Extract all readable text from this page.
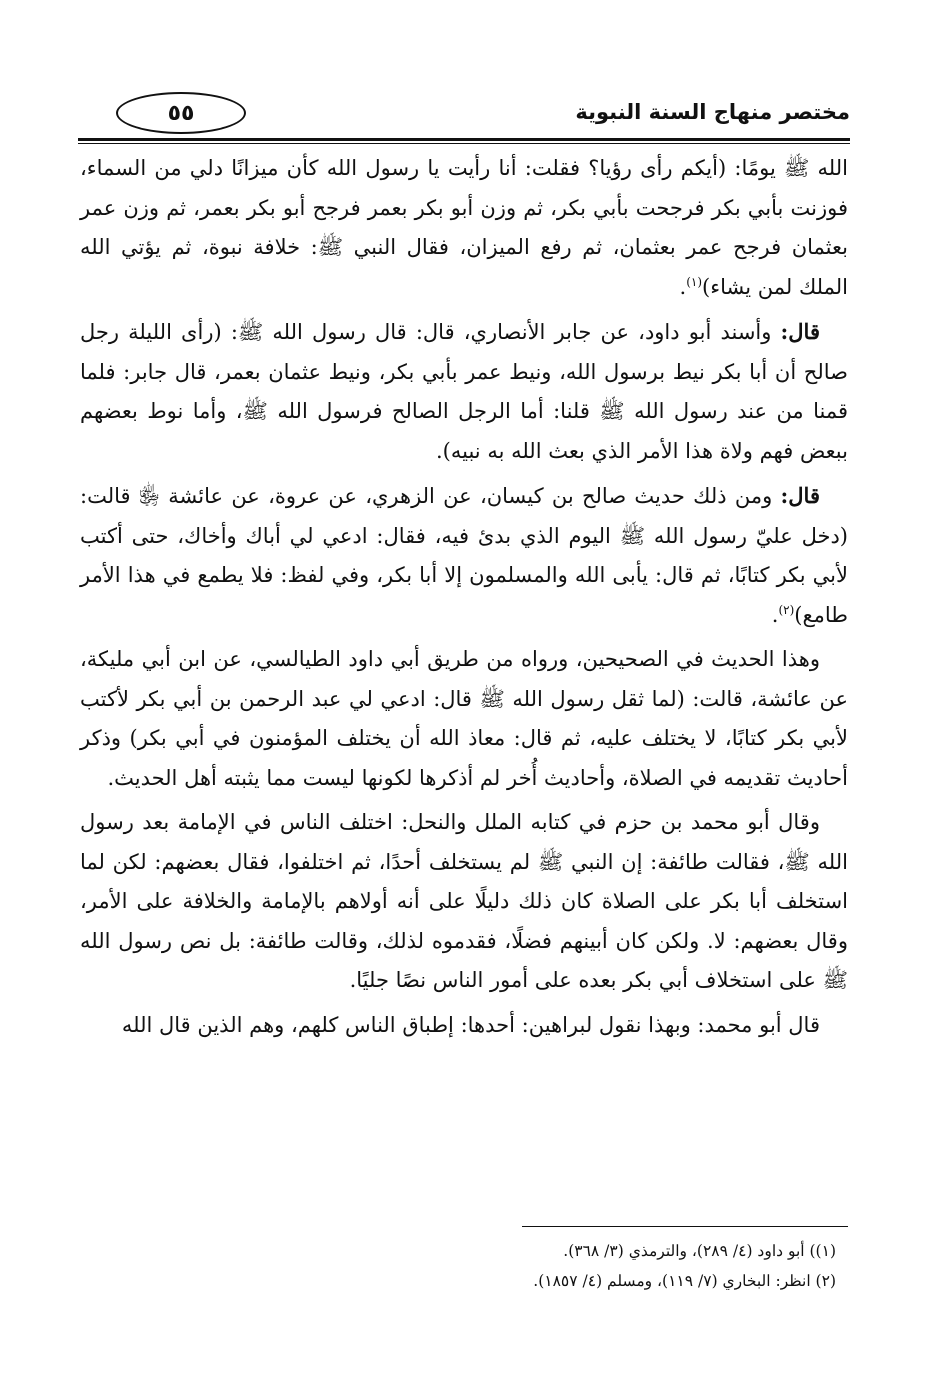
٥٥	مختصر منهاج السنة النبوية

الله ﷺ يومًا: (أيكم رأى رؤيا؟ فقلت: أنا رأيت يا رسول الله كأن ميزانًا دلي من السماء، فوزنت بأبي بكر فرجحت بأبي بكر، ثم وزن أبو بكر بعمر فرجح أبو بكر بعمر، ثم وزن عمر بعثمان فرجح عمر بعثمان، ثم رفع الميزان، فقال النبي ﷺ: خلافة نبوة، ثم يؤتي الله الملك لمن يشاء)$^{(١)}$.

قال: وأسند أبو داود، عن جابر الأنصاري، قال: قال رسول الله ﷺ: (رأى الليلة رجل صالح أن أبا بكر نيط برسول الله، ونيط عمر بأبي بكر، ونيط عثمان بعمر، قال جابر: فلما قمنا من عند رسول الله ﷺ قلنا: أما الرجل الصالح فرسول الله ﷺ، وأما نوط بعضهم ببعض فهم ولاة هذا الأمر الذي بعث الله به نبيه).

قال: ومن ذلك حديث صالح بن كيسان، عن الزهري، عن عروة، عن عائشة ﵂ قالت: (دخل عليّ رسول الله ﷺ اليوم الذي بدئ فيه، فقال: ادعي لي أباك وأخاك، حتى أكتب لأبي بكر كتابًا، ثم قال: يأبى الله والمسلمون إلا أبا بكر، وفي لفظ: فلا يطمع في هذا الأمر طامع)$^{(٢)}$.

وهذا الحديث في الصحيحين، ورواه من طريق أبي داود الطيالسي، عن ابن أبي مليكة، عن عائشة، قالت: (لما ثقل رسول الله ﷺ قال: ادعي لي عبد الرحمن بن أبي بكر لأكتب لأبي بكر كتابًا، لا يختلف عليه، ثم قال: معاذ الله أن يختلف المؤمنون في أبي بكر) وذكر أحاديث تقديمه في الصلاة، وأحاديث أُخر لم أذكرها لكونها ليست مما يثبته أهل الحديث.

وقال أبو محمد بن حزم في كتابه الملل والنحل: اختلف الناس في الإمامة بعد رسول الله ﷺ، فقالت طائفة: إن النبي ﷺ لم يستخلف أحدًا، ثم اختلفوا، فقال بعضهم: لكن لما استخلف أبا بكر على الصلاة كان ذلك دليلًا على أنه أولاهم بالإمامة والخلافة على الأمر، وقال بعضهم: لا. ولكن كان أبينهم فضلًا، فقدموه لذلك، وقالت طائفة: بل نص رسول الله ﷺ على استخلاف أبي بكر بعده على أمور الناس نصًا جليًا.

قال أبو محمد: وبهذا نقول لبراهين: أحدها: إطباق الناس كلهم، وهم الذين قال الله

(١)) أبو داود (٤/ ٢٨٩)، والترمذي (٣/ ٣٦٨).
(٢) انظر: البخاري (٧/ ١١٩)، ومسلم (٤/ ١٨٥٧).
